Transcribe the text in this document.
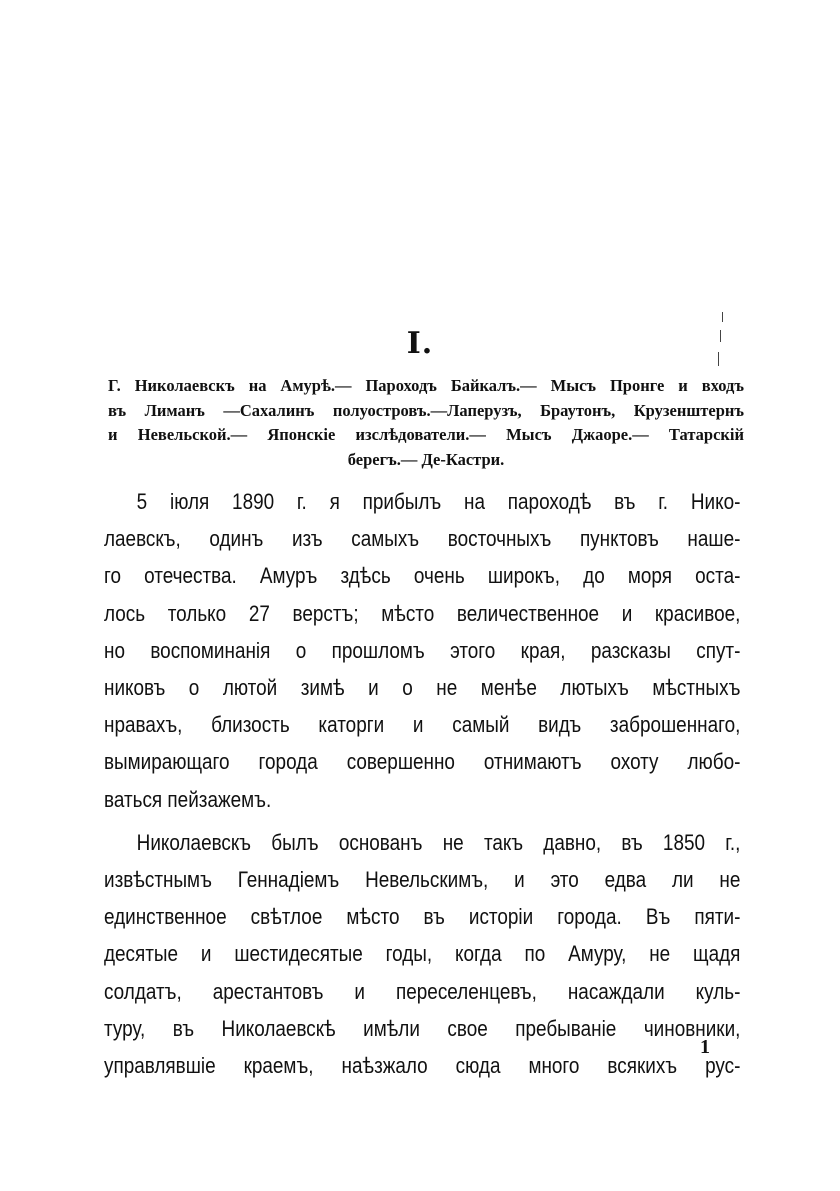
I.
Г. Николаевскъ на Амурѣ.— Пароходъ Байкалъ.— Мысъ Пронге и входъ
въ Лиманъ —Сахалинъ полуостровъ.—Лаперузъ, Браутонъ, Крузенштернъ
и Невельской.— Японскіе изслѣдователи.— Мысъ Джаоре.— Татарскій
берегъ.— Де-Кастри.
5 іюля 1890 г. я прибылъ на пароходѣ въ г. Нико-
лаевскъ, одинъ изъ самыхъ восточныхъ пунктовъ наше-
го отечества. Амуръ здѣсь очень широкъ, до моря оста-
лось только 27 верстъ; мѣсто величественное и красивое,
но воспоминанія о прошломъ этого края, разсказы спут-
никовъ о лютой зимѣ и о не менѣе лютыхъ мѣстныхъ
нравахъ, близость каторги и самый видъ заброшеннаго,
вымирающаго города совершенно отнимаютъ охоту любо-
ваться пейзажемъ.
Николаевскъ былъ основанъ не такъ давно, въ 1850 г.,
извѣстнымъ Геннадіемъ Невельскимъ, и это едва ли не
единственное свѣтлое мѣсто въ исторіи города. Въ пяти-
десятые и шестидесятые годы, когда по Амуру, не щадя
солдатъ, арестантовъ и переселенцевъ, насаждали куль-
туру, въ Николаевскѣ имѣли свое пребываніе чиновники,
управлявшіе краемъ, наѣзжало сюда много всякихъ рус-
1
